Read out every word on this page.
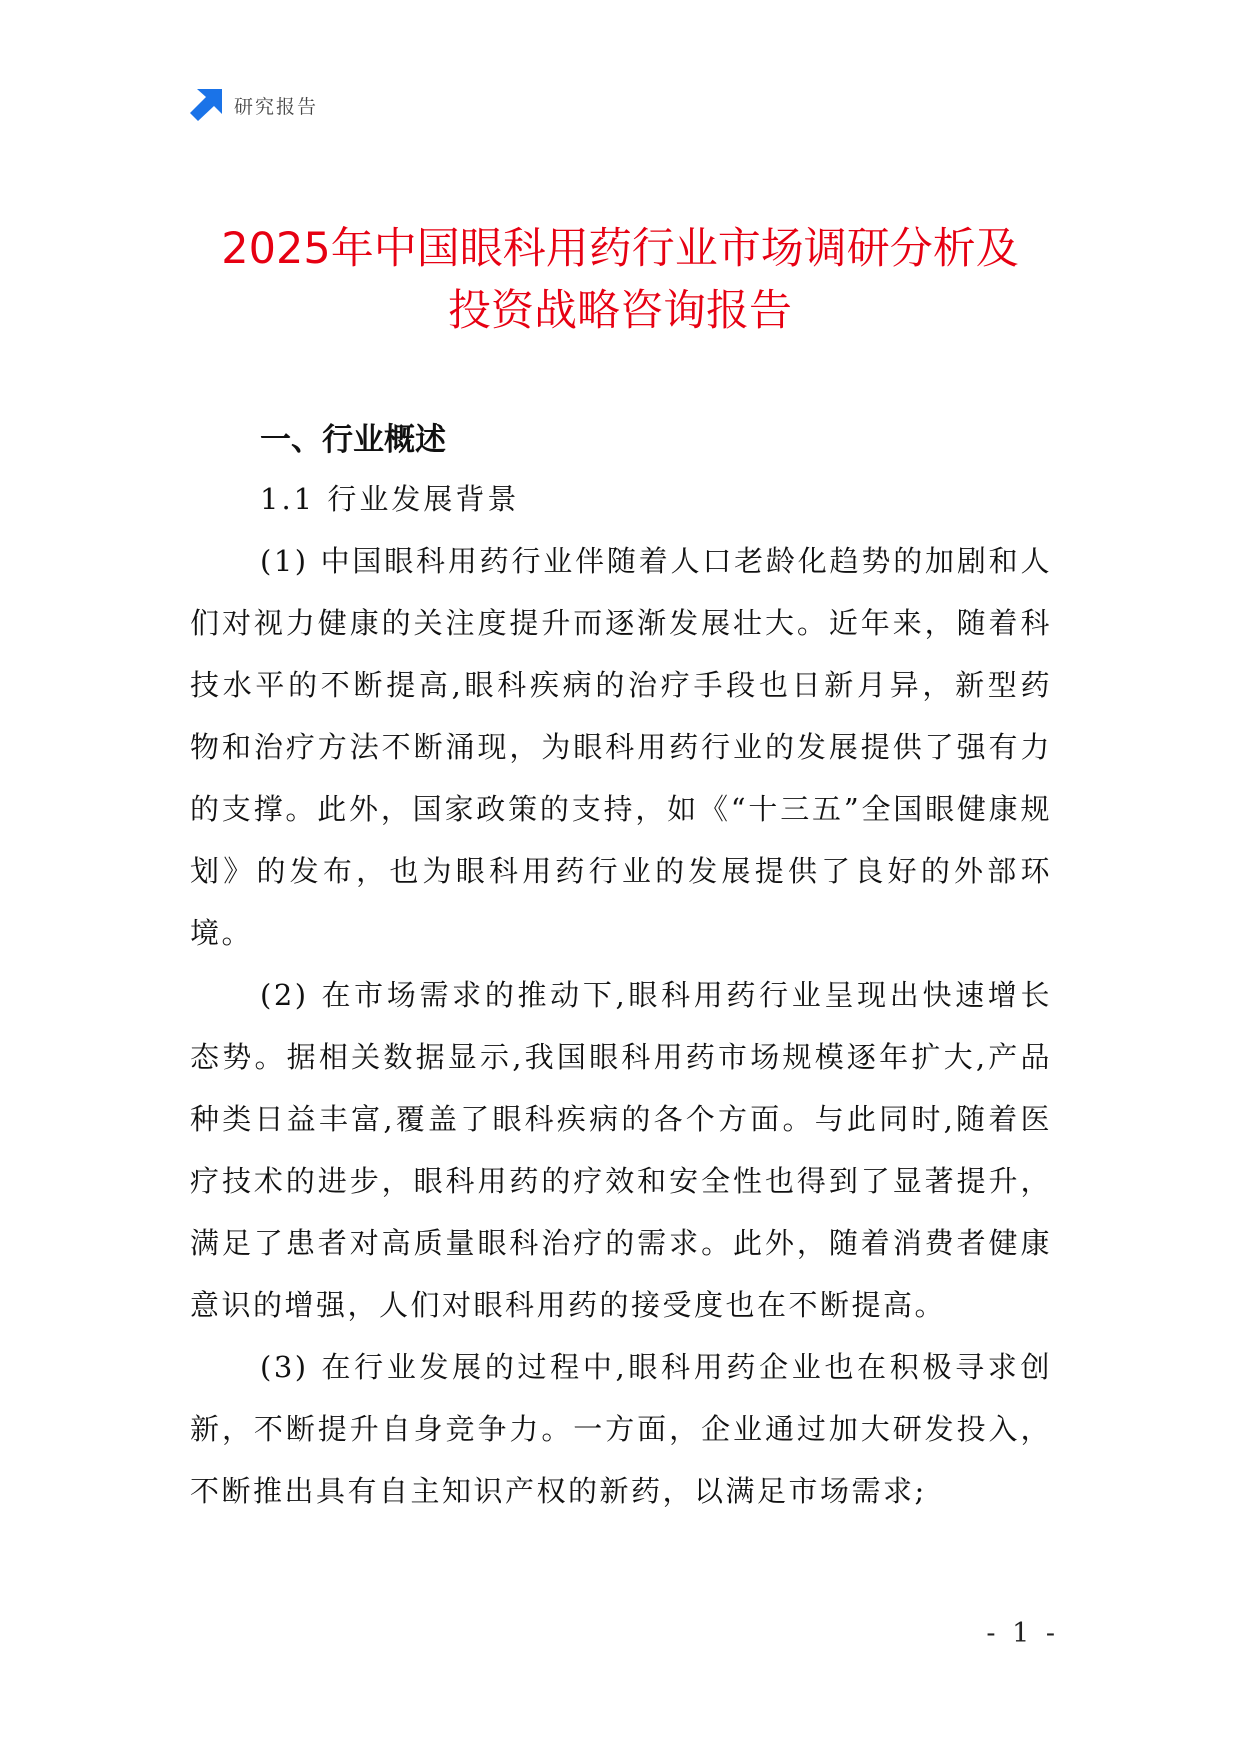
研究报告
2025年中国眼科用药行业市场调研分析及
投资战略咨询报告
一、行业概述
1.1 行业发展背景

(1) 中国眼科用药行业伴随着人口老龄化趋势的加剧和人们对视力健康的关注度提升而逐渐发展壮大。近年来，随着科技水平的不断提高,眼科疾病的治疗手段也日新月异，新型药物和治疗方法不断涌现，为眼科用药行业的发展提供了强有力的支撑。此外，国家政策的支持，如《“十三五”全国眼健康规划》的发布，也为眼科用药行业的发展提供了良好的外部环境。

(2) 在市场需求的推动下,眼科用药行业呈现出快速增长态势。据相关数据显示,我国眼科用药市场规模逐年扩大,产品种类日益丰富,覆盖了眼科疾病的各个方面。与此同时,随着医疗技术的进步，眼科用药的疗效和安全性也得到了显著提升，满足了患者对高质量眼科治疗的需求。此外，随着消费者健康意识的增强，人们对眼科用药的接受度也在不断提高。

(3) 在行业发展的过程中,眼科用药企业也在积极寻求创新，不断提升自身竞争力。一方面，企业通过加大研发投入，不断推出具有自主知识产权的新药，以满足市场需求;

- 1 -
